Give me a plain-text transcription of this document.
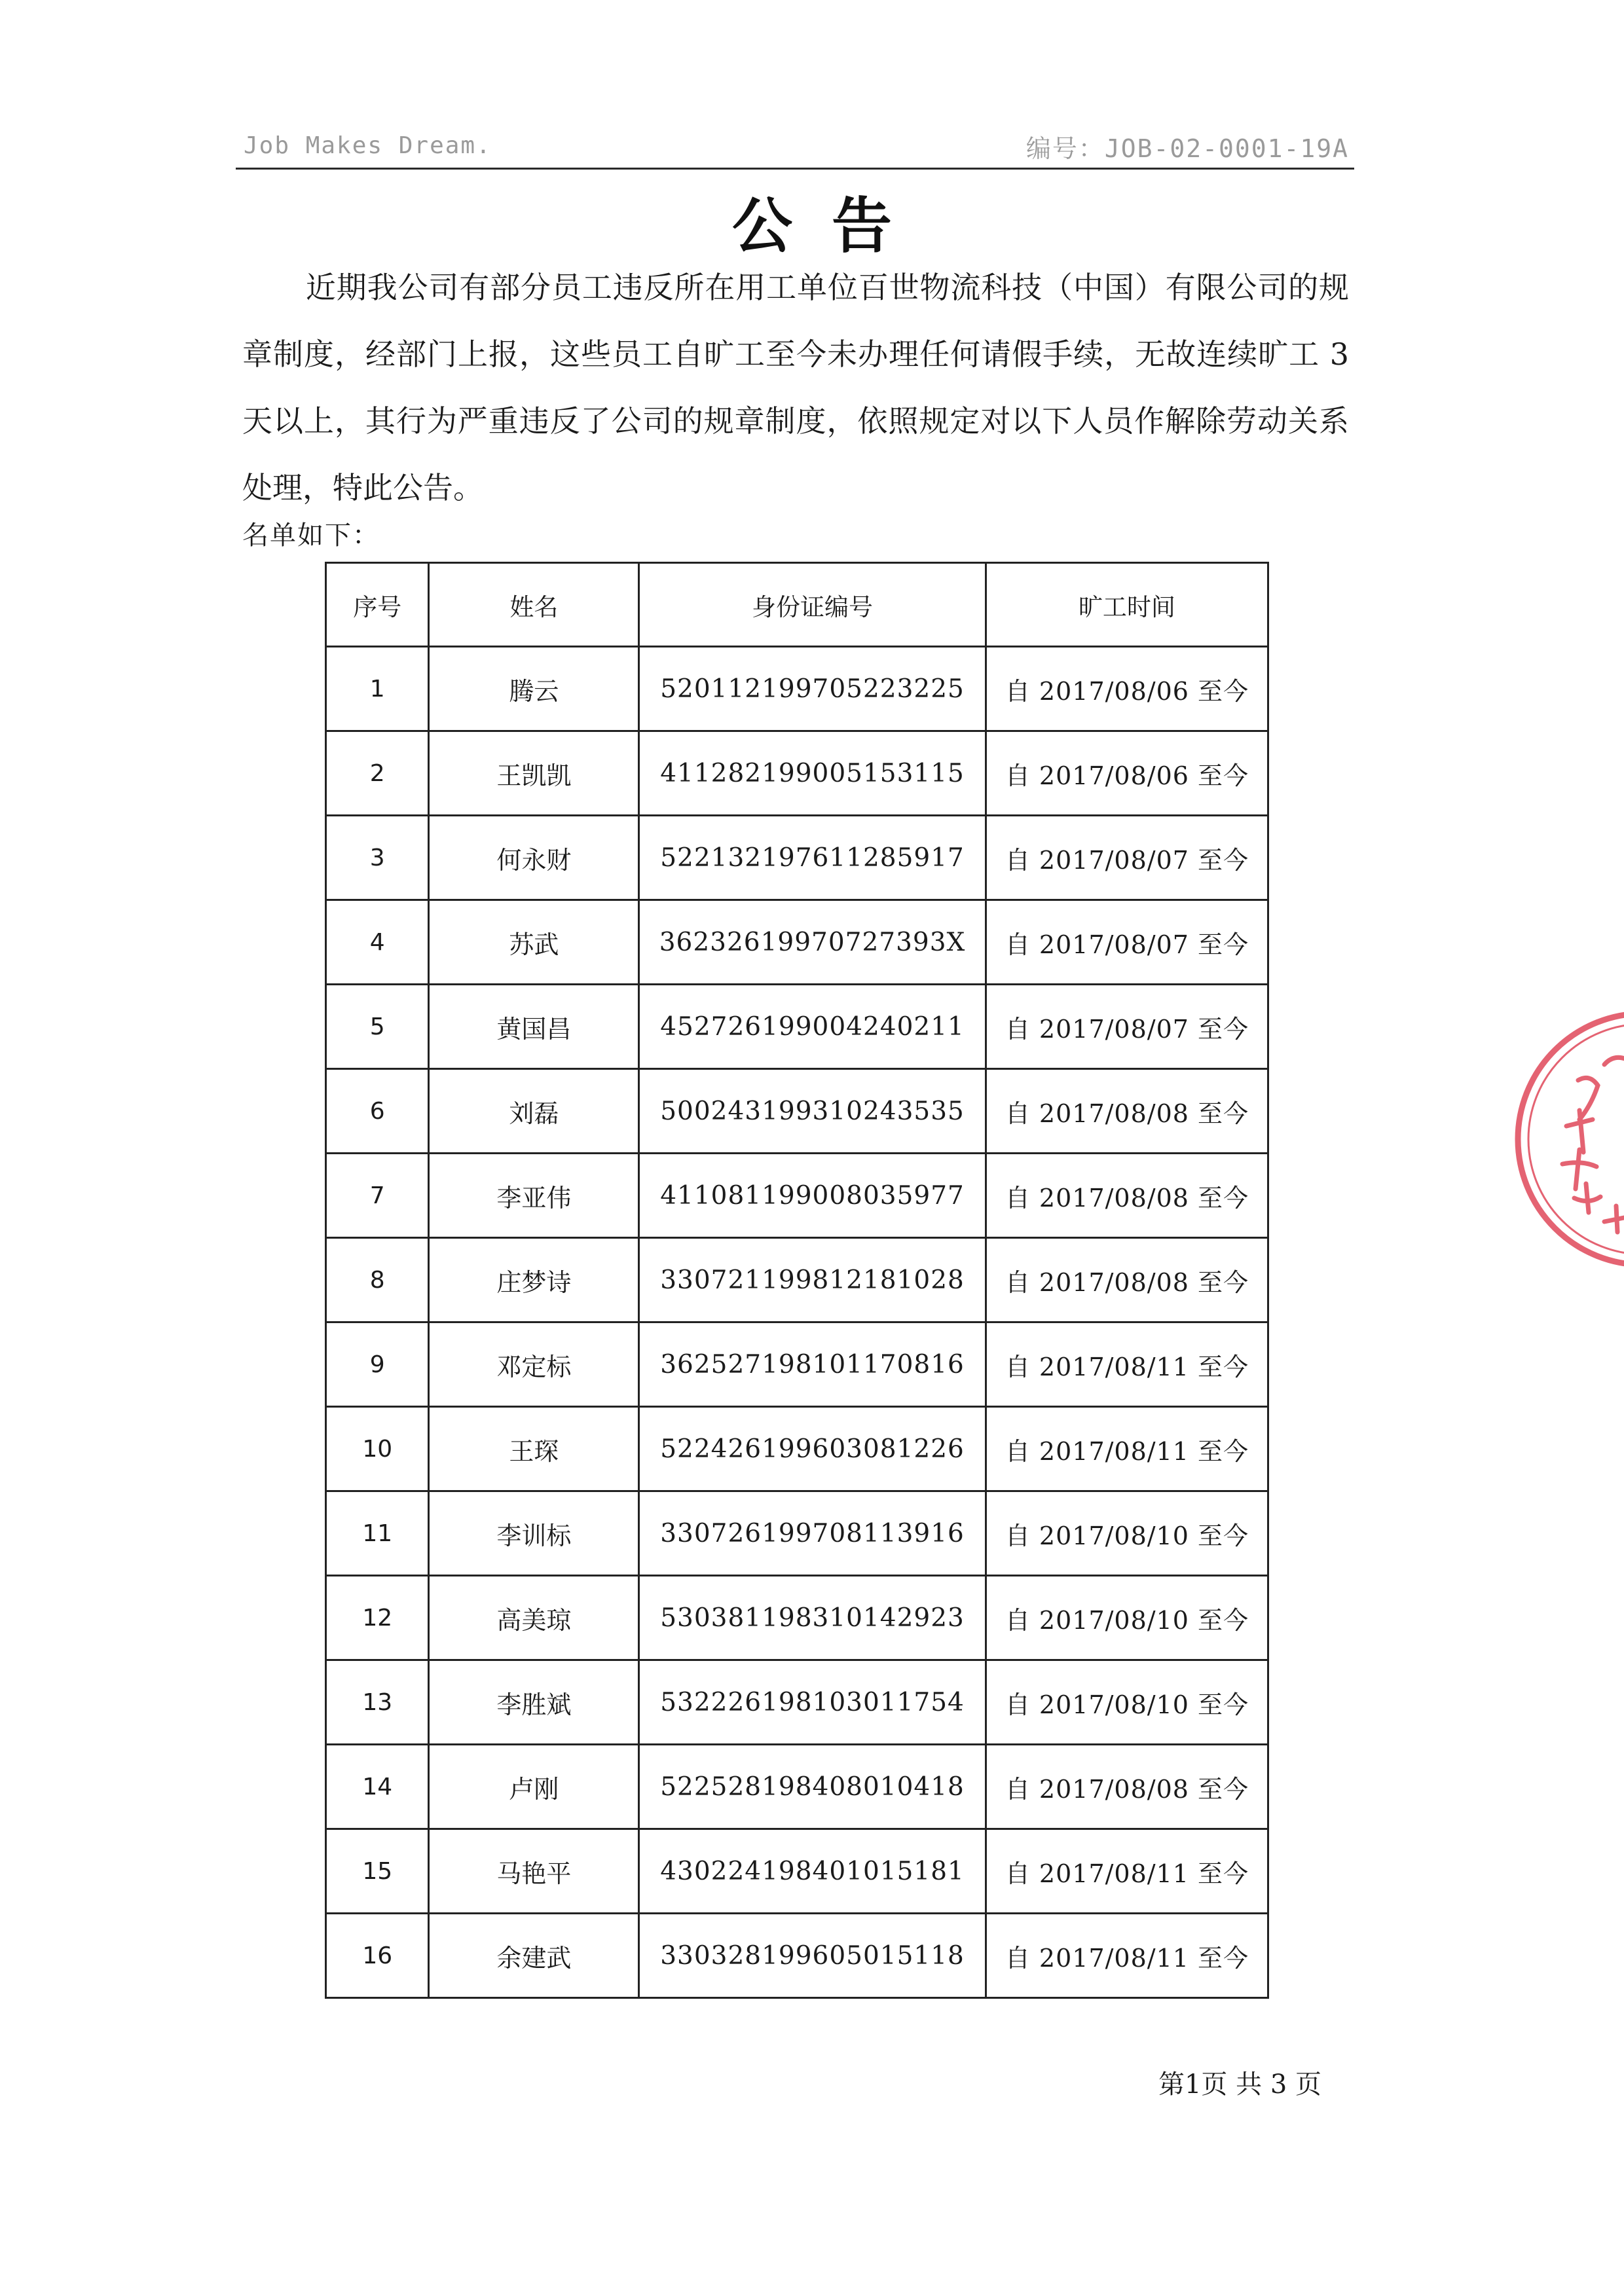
Job Makes Dream.	编号：JOB-02-0001-19A
公告
近期我公司有部分员工违反所在用工单位百世物流科技（中国）有限公司的规章制度，经部门上报，这些员工自旷工至今未办理任何请假手续，无故连续旷工 3 天以上，其行为严重违反了公司的规章制度，依照规定对以下人员作解除劳动关系处理，特此公告。
名单如下：
序号	姓名	身份证编号	旷工时间
1	腾云	520112199705223225	自 2017/08/06 至今
2	王凯凯	411282199005153115	自 2017/08/06 至今
3	何永财	522132197611285917	自 2017/08/07 至今
4	苏武	36232619970727393X	自 2017/08/07 至今
5	黄国昌	452726199004240211	自 2017/08/07 至今
6	刘磊	500243199310243535	自 2017/08/08 至今
7	李亚伟	411081199008035977	自 2017/08/08 至今
8	庄梦诗	330721199812181028	自 2017/08/08 至今
9	邓定标	362527198101170816	自 2017/08/11 至今
10	王琛	522426199603081226	自 2017/08/11 至今
11	李训标	330726199708113916	自 2017/08/10 至今
12	高美琼	530381198310142923	自 2017/08/10 至今
13	李胜斌	532226198103011754	自 2017/08/10 至今
14	卢刚	522528198408010418	自 2017/08/08 至今
15	马艳平	430224198401015181	自 2017/08/11 至今
16	余建武	330328199605015118	自 2017/08/11 至今
第1页 共 3 页
